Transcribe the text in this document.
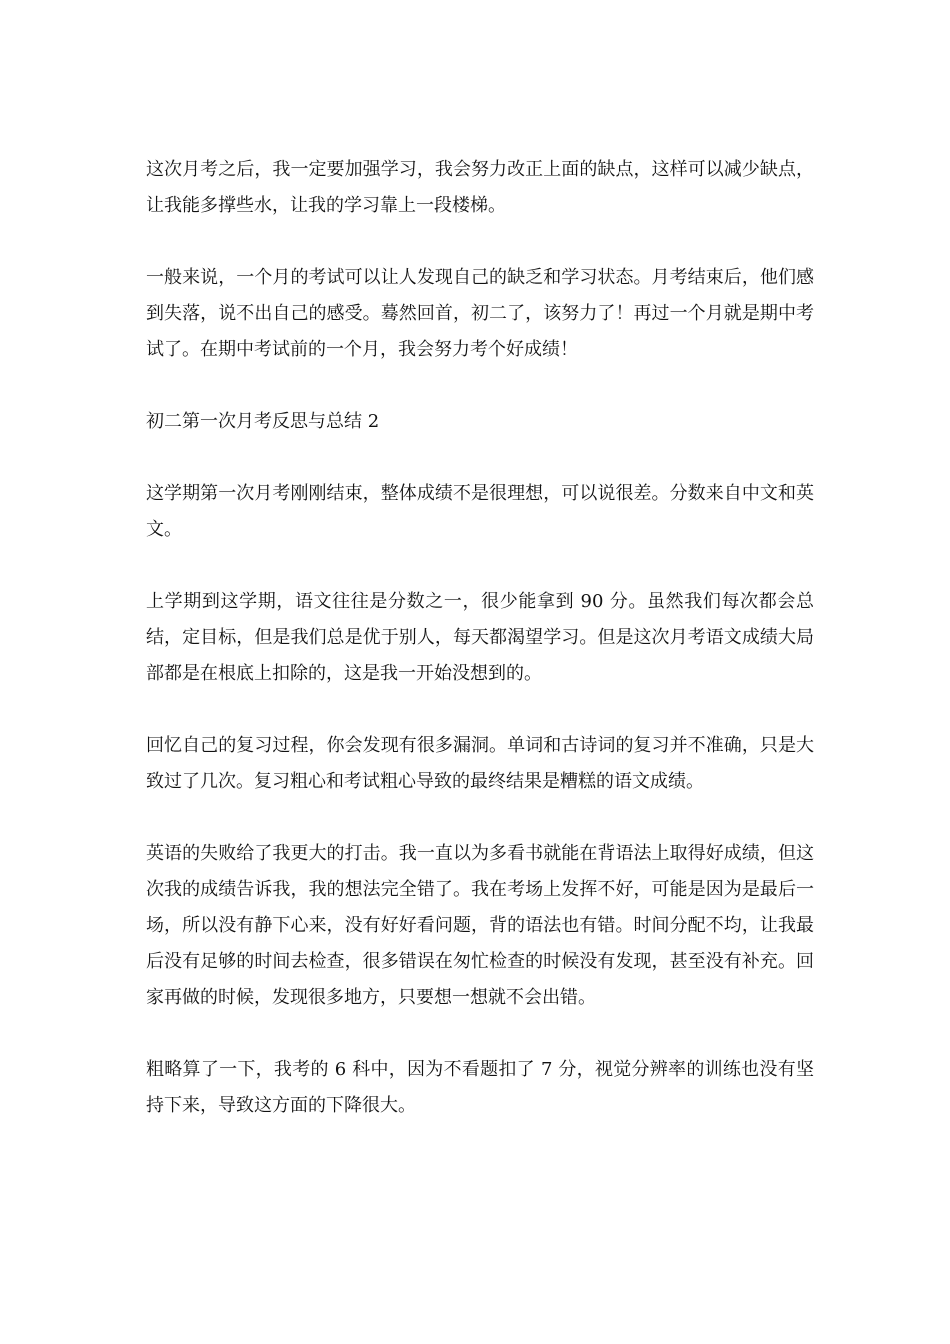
这次月考之后，我一定要加强学习，我会努力改正上面的缺点，这样可以减少缺点，让我能多撑些水，让我的学习靠上一段楼梯。

一般来说，一个月的考试可以让人发现自己的缺乏和学习状态。月考结束后，他们感到失落，说不出自己的感受。蓦然回首，初二了，该努力了！再过一个月就是期中考试了。在期中考试前的一个月，我会努力考个好成绩！

初二第一次月考反思与总结 2

这学期第一次月考刚刚结束，整体成绩不是很理想，可以说很差。分数来自中文和英文。

上学期到这学期，语文往往是分数之一，很少能拿到 90 分。虽然我们每次都会总结，定目标，但是我们总是优于别人，每天都渴望学习。但是这次月考语文成绩大局部都是在根底上扣除的，这是我一开始没想到的。

回忆自己的复习过程，你会发现有很多漏洞。单词和古诗词的复习并不准确，只是大致过了几次。复习粗心和考试粗心导致的最终结果是糟糕的语文成绩。

英语的失败给了我更大的打击。我一直以为多看书就能在背语法上取得好成绩，但这次我的成绩告诉我，我的想法完全错了。我在考场上发挥不好，可能是因为是最后一场，所以没有静下心来，没有好好看问题，背的语法也有错。时间分配不均，让我最后没有足够的时间去检查，很多错误在匆忙检查的时候没有发现，甚至没有补充。回家再做的时候，发现很多地方，只要想一想就不会出错。

粗略算了一下，我考的 6 科中，因为不看题扣了 7 分，视觉分辨率的训练也没有坚持下来，导致这方面的下降很大。
